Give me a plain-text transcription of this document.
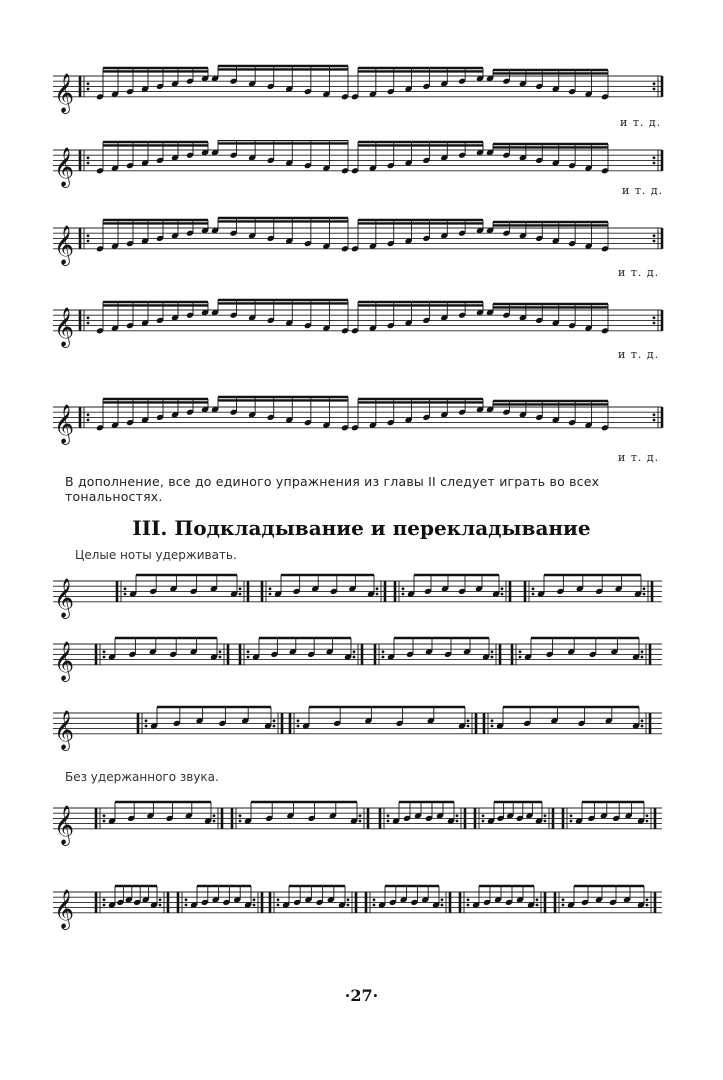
𝄞
и т. д.
𝄞
и т. д.
𝄞
и т. д.
𝄞
и т. д.
𝄞
и т. д.
В дополнение, все до единого упражнения из главы II следует играть во всех тональностях.
III. Подкладывание и перекладывание
Целые ноты удерживать.
𝄞
𝄞
𝄞
Без удержанного звука.
𝄞
𝄞
·27·
